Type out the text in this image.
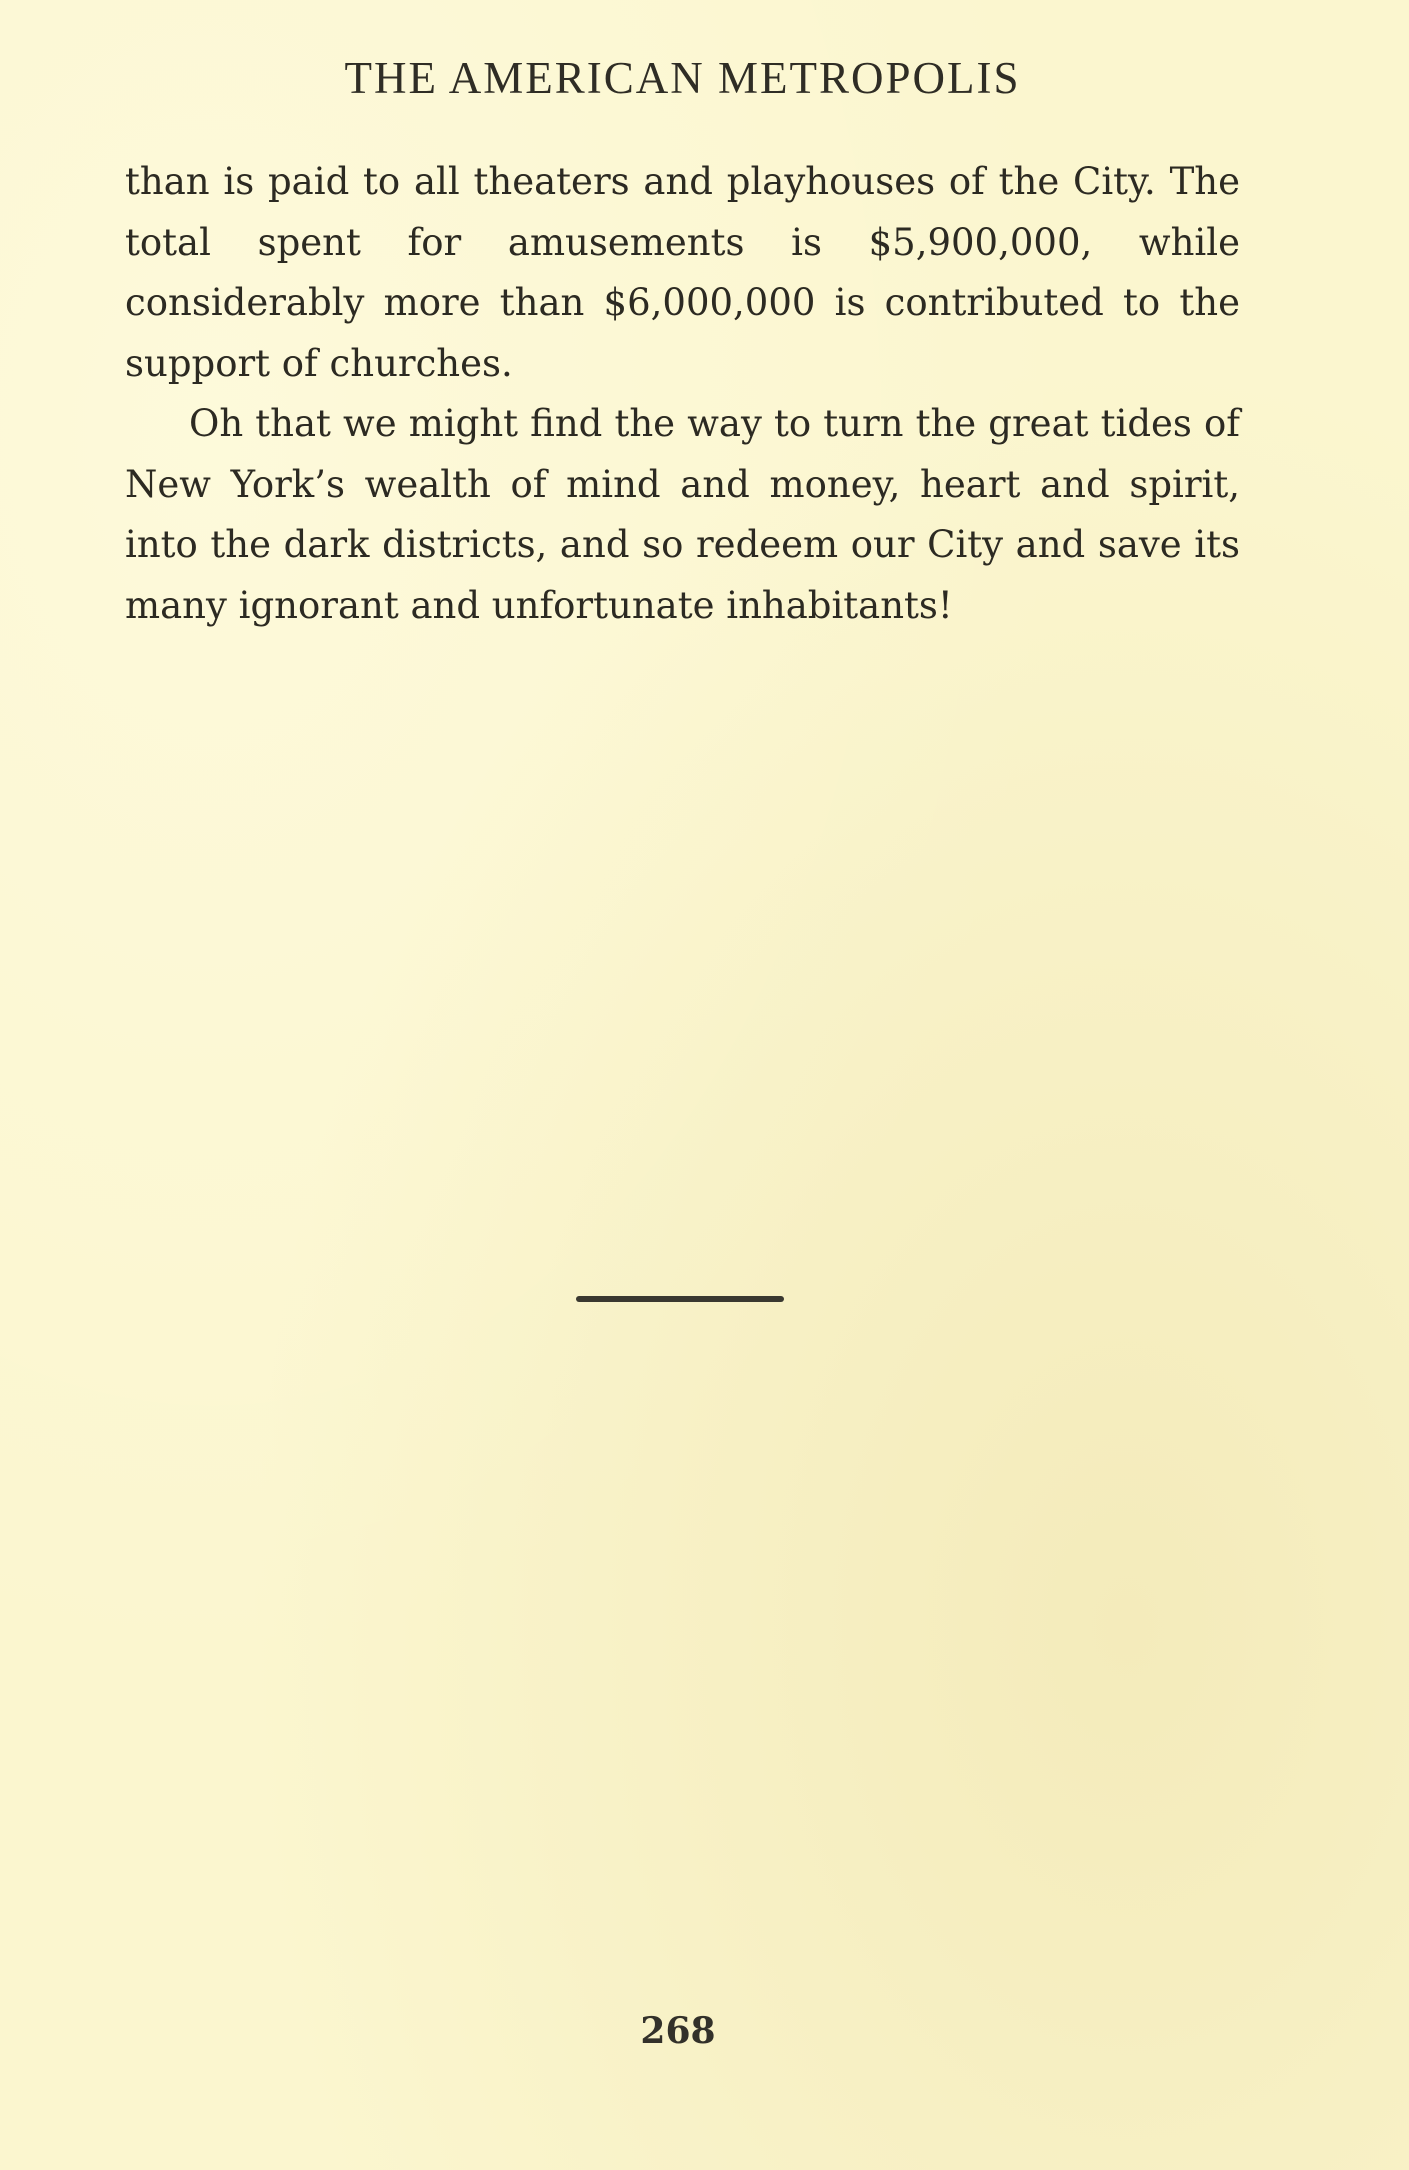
THE AMERICAN METROPOLIS

than is paid to all theaters and playhouses of the City. The total spent for amusements is $5,900,000, while considerably more than $6,000,000 is contributed to the support of churches.

Oh that we might find the way to turn the great tides of New York’s wealth of mind and money, heart and spirit, into the dark districts, and so redeem our City and save its many ignorant and unfortunate inhabitants!

268
